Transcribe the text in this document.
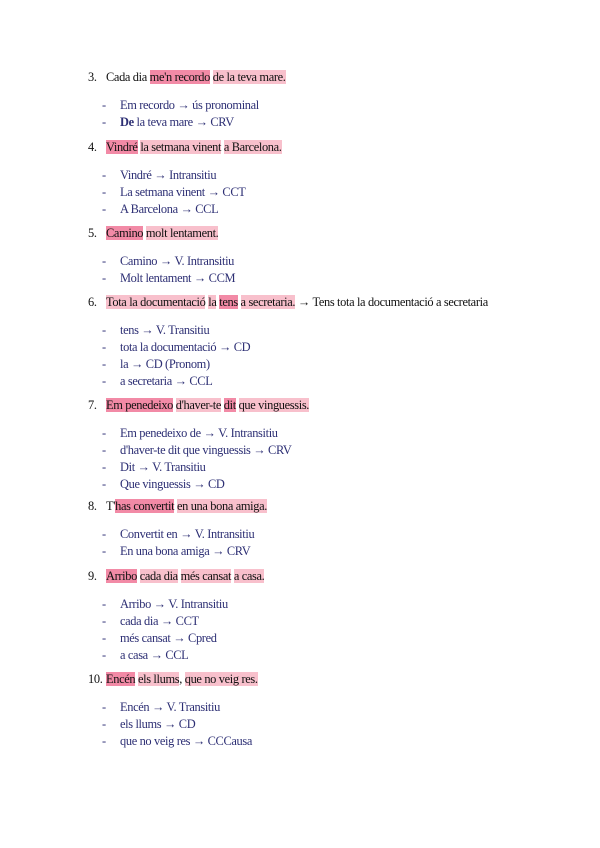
3. Cada dia me'n recordo de la teva mare.
- Em recordo → ús pronominal
- De la teva mare → CRV
4. Vindré la setmana vinent a Barcelona.
- Vindré → Intransitiu
- La setmana vinent → CCT
- A Barcelona → CCL
5. Camino molt lentament.
- Camino → V. Intransitiu
- Molt lentament → CCM
6. Tota la documentació la tens a secretaria. → Tens tota la documentació a secretaria
- tens → V. Transitiu
- tota la documentació → CD
- la → CD (Pronom)
- a secretaria → CCL
7. Em penedeixo d'haver-te dit que vinguessis.
- Em penedeixo de → V. Intransitiu
- d'haver-te dit que vinguessis → CRV
- Dit → V. Transitiu
- Que vinguessis → CD
8. T'has convertit en una bona amiga.
- Convertit en → V. Intransitiu
- En una bona amiga → CRV
9. Arribo cada dia més cansat a casa.
- Arribo → V. Intransitiu
- cada dia → CCT
- més cansat → Cpred
- a casa → CCL
10. Encén els llums, que no veig res.
- Encén → V. Transitiu
- els llums → CD
- que no veig res → CCCausa
